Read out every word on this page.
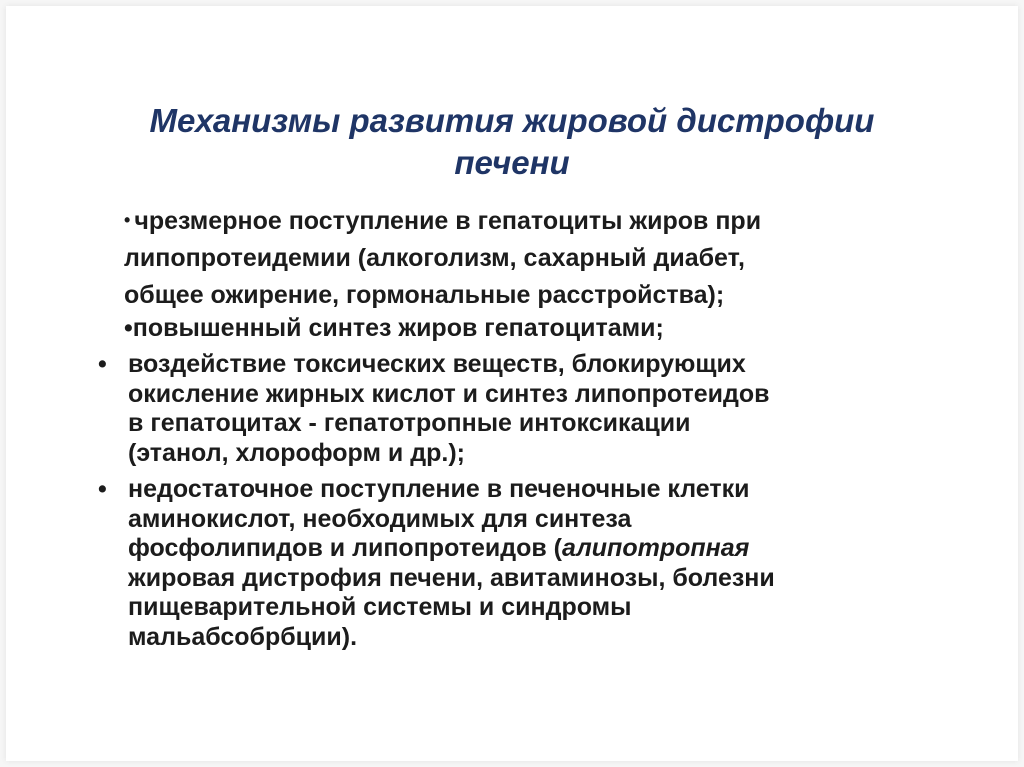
Механизмы развития жировой дистрофии
печени
• чрезмерное поступление в гепатоциты жиров при
липопротеидемии (алкоголизм, сахарный диабет,
общее ожирение, гормональные расстройства);
•повышенный синтез жиров гепатоцитами;
• воздействие токсических веществ, блокирующих
окисление жирных кислот и синтез липопротеидов
в гепатоцитах - гепатотропные интоксикации
(этанол, хлороформ и др.);
• недостаточное поступление в печеночные клетки
аминокислот, необходимых для синтеза
фосфолипидов и липопротеидов (алипотропная
жировая дистрофия печени, авитаминозы, болезни
пищеварительной системы и синдромы
мальабсобрбции).
